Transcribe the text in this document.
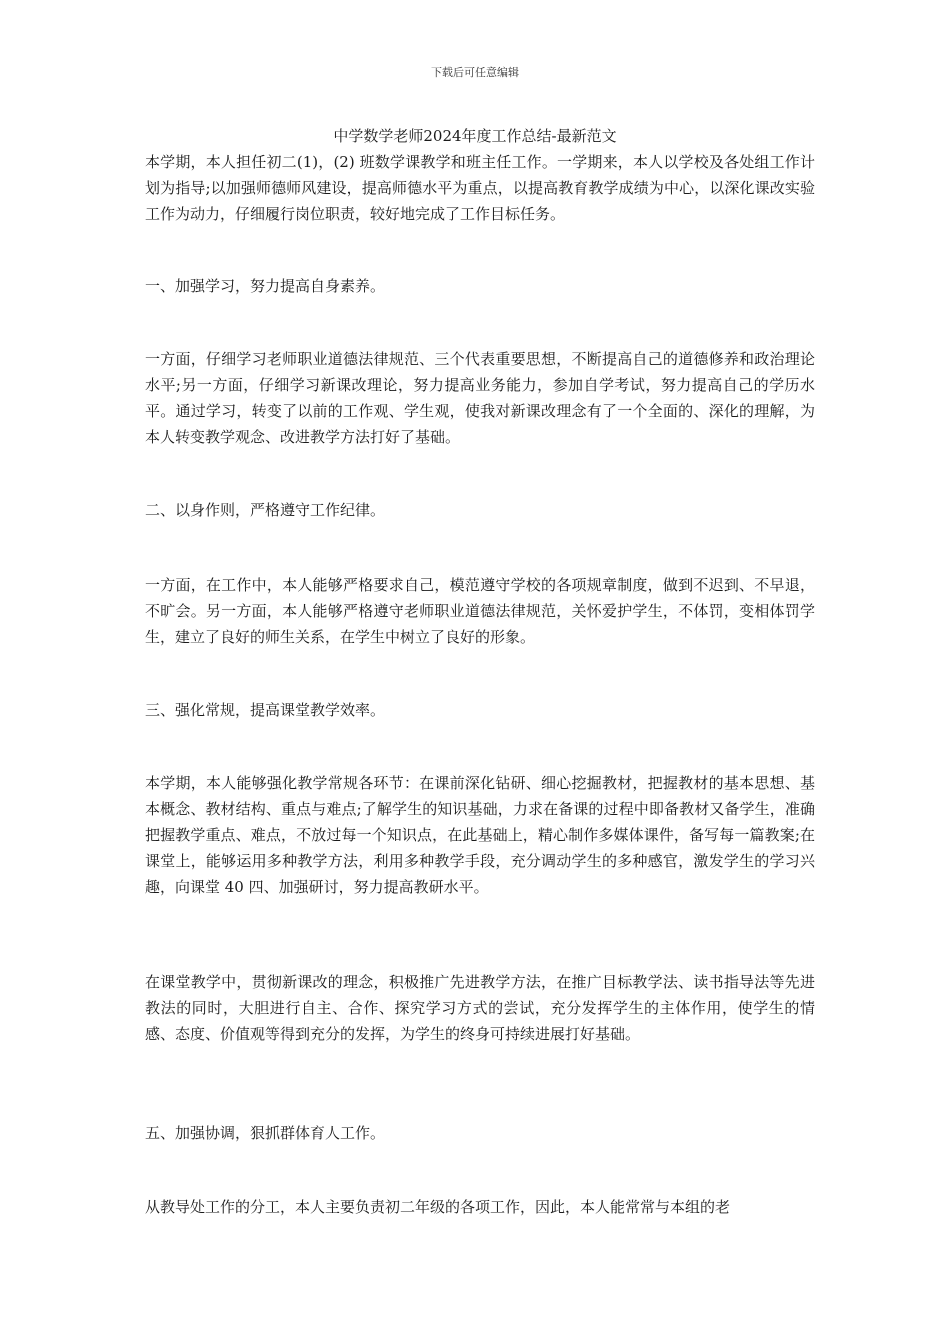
下载后可任意编辑
中学数学老师2024年度工作总结-最新范文

本学期，本人担任初二(1)，(2) 班数学课教学和班主任工作。一学期来，本人以学校及各处组工作计划为指导;以加强师德师风建设，提高师德水平为重点，以提高教育教学成绩为中心，以深化课改实验工作为动力，仔细履行岗位职责，较好地完成了工作目标任务。

一、加强学习，努力提高自身素养。

一方面，仔细学习老师职业道德法律规范、三个代表重要思想，不断提高自己的道德修养和政治理论水平;另一方面，仔细学习新课改理论，努力提高业务能力，参加自学考试，努力提高自己的学历水平。通过学习，转变了以前的工作观、学生观，使我对新课改理念有了一个全面的、深化的理解，为本人转变教学观念、改进教学方法打好了基础。

二、以身作则，严格遵守工作纪律。

一方面，在工作中，本人能够严格要求自己，模范遵守学校的各项规章制度，做到不迟到、不早退，不旷会。另一方面，本人能够严格遵守老师职业道德法律规范，关怀爱护学生，不体罚，变相体罚学生，建立了良好的师生关系，在学生中树立了良好的形象。

三、强化常规，提高课堂教学效率。

本学期，本人能够强化教学常规各环节：在课前深化钻研、细心挖掘教材，把握教材的基本思想、基本概念、教材结构、重点与难点;了解学生的知识基础，力求在备课的过程中即备教材又备学生，准确把握教学重点、难点，不放过每一个知识点，在此基础上，精心制作多媒体课件，备写每一篇教案;在课堂上，能够运用多种教学方法，利用多种教学手段，充分调动学生的多种感官，激发学生的学习兴趣，向课堂 40 四、加强研讨，努力提高教研水平。

在课堂教学中，贯彻新课改的理念，积极推广先进教学方法，在推广目标教学法、读书指导法等先进教法的同时，大胆进行自主、合作、探究学习方式的尝试，充分发挥学生的主体作用，使学生的情感、态度、价值观等得到充分的发挥，为学生的终身可持续进展打好基础。

五、加强协调，狠抓群体育人工作。

从教导处工作的分工，本人主要负责初二年级的各项工作，因此，本人能常常与本组的老
